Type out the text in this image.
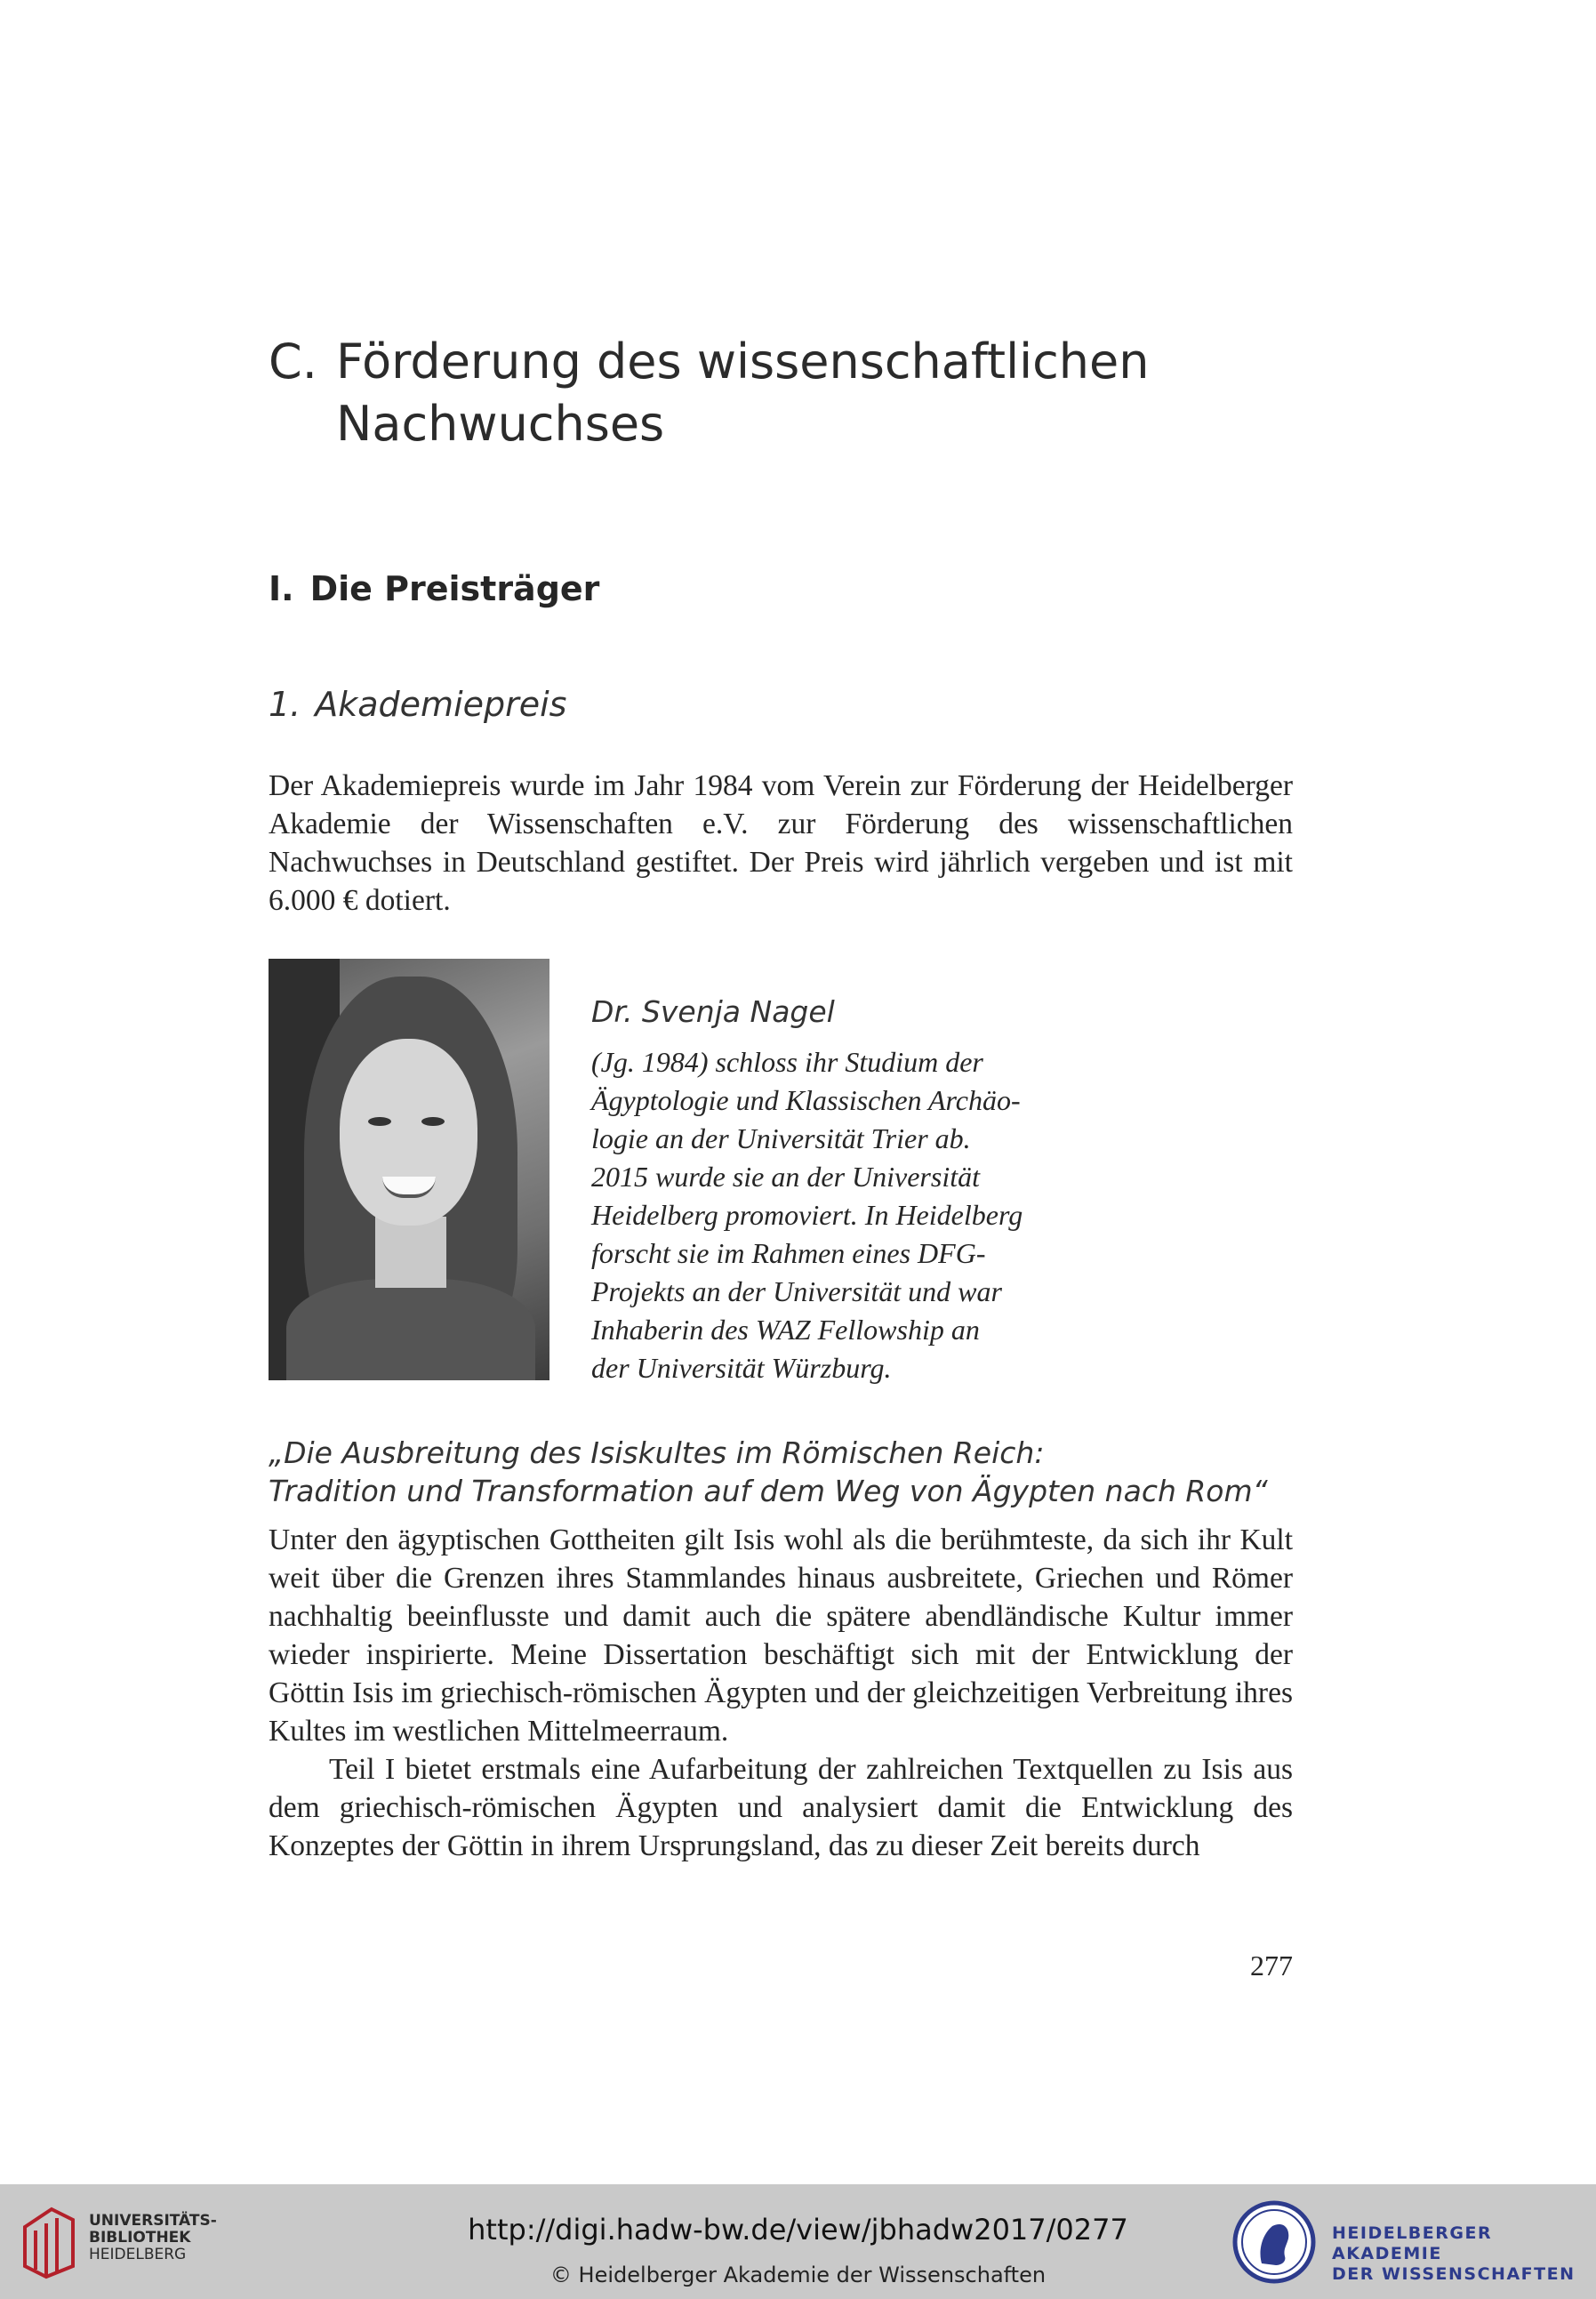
C. Förderung des wissenschaftlichen Nachwuchses
I. Die Preisträger
1. Akademiepreis

Der Akademiepreis wurde im Jahr 1984 vom Verein zur Förderung der Heidelberger Akademie der Wissenschaften e.V. zur Förderung des wissenschaftlichen Nachwuchses in Deutschland gestiftet. Der Preis wird jährlich vergeben und ist mit 6.000 € dotiert.

Dr. Svenja Nagel

(Jg. 1984) schloss ihr Studium der

Ägyptologie und Klassischen Archäo-

logie an der Universität Trier ab.

2015 wurde sie an der Universität

Heidelberg promoviert. In Heidelberg

forscht sie im Rahmen eines DFG-

Projekts an der Universität und war

Inhaberin des WAZ Fellowship an

der Universität Würzburg.

„Die Ausbreitung des Isiskultes im Römischen Reich:
Tradition und Transformation auf dem Weg von Ägypten nach Rom“

Unter den ägyptischen Gottheiten gilt Isis wohl als die berühmteste, da sich ihr Kult weit über die Grenzen ihres Stammlandes hinaus ausbreitete, Griechen und Römer nachhaltig beeinflusste und damit auch die spätere abendländische Kultur immer wieder inspirierte. Meine Dissertation beschäftigt sich mit der Entwicklung der Göttin Isis im griechisch-römischen Ägypten und der gleichzeitigen Verbreitung ihres Kultes im westlichen Mittelmeerraum.

Teil I bietet erstmals eine Aufarbeitung der zahlreichen Textquellen zu Isis aus dem griechisch-römischen Ägypten und analysiert damit die Entwicklung des Konzeptes der Göttin in ihrem Ursprungsland, das zu dieser Zeit bereits durch

277

UNIVERSITÄTS-
BIBLIOTHEK
HEIDELBERG
http://digi.hadw-bw.de/view/jbhadw2017/0277
© Heidelberger Akademie der Wissenschaften
HEIDELBERGER AKADEMIE
DER WISSENSCHAFTEN
